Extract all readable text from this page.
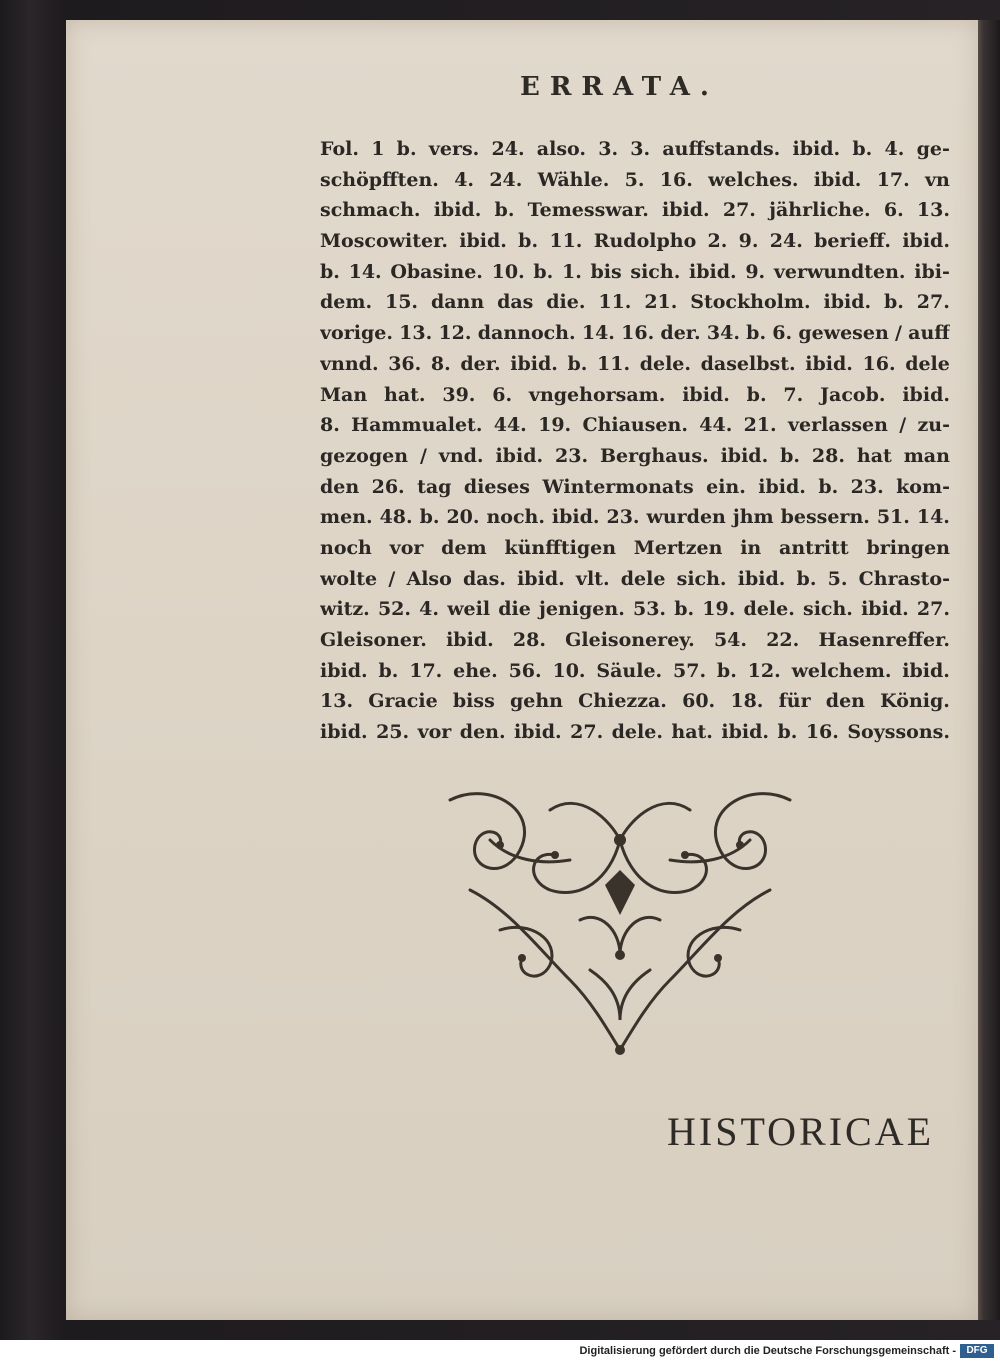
ERRATA.
Fol. 1 b. vers. 24. also. 3. 3. auffstands. ibid. b. 4. ge-
schöpfften. 4. 24. Wähle. 5. 16. welches. ibid. 17. vn
schmach. ibid. b. Temesswar. ibid. 27. jährliche. 6. 13.
Moscowiter. ibid. b. 11. Rudolpho 2. 9. 24. berieff. ibid.
b. 14. Obasine. 10. b. 1. bis sich. ibid. 9. verwundten. ibi-
dem. 15. dann das die. 11. 21. Stockholm. ibid. b. 27.
vorige. 13. 12. dannoch. 14. 16. der. 34. b. 6. gewesen / auff
vnnd. 36. 8. der. ibid. b. 11. dele. daselbst. ibid. 16. dele
Man hat. 39. 6. vngehorsam. ibid. b. 7. Jacob. ibid.
8. Hammualet. 44. 19. Chiausen. 44. 21. verlassen / zu-
gezogen / vnd. ibid. 23. Berghaus. ibid. b. 28. hat man
den 26. tag dieses Wintermonats ein. ibid. b. 23. kom-
men. 48. b. 20. noch. ibid. 23. wurden jhm bessern. 51. 14.
noch vor dem künfftigen Mertzen in antritt bringen
wolte / Also das. ibid. vlt. dele sich. ibid. b. 5. Chrasto-
witz. 52. 4. weil die jenigen. 53. b. 19. dele. sich. ibid. 27.
Gleisoner. ibid. 28. Gleisonerey. 54. 22. Hasenreffer.
ibid. b. 17. ehe. 56. 10. Säule. 57. b. 12. welchem. ibid.
13. Gracie biss gehn Chiezza. 60. 18. für den König.
ibid. 25. vor den. ibid. 27. dele. hat. ibid. b. 16. Soyssons.
HISTORICAE
Digitalisierung gefördert durch die Deutsche Forschungsgemeinschaft -	DFG
